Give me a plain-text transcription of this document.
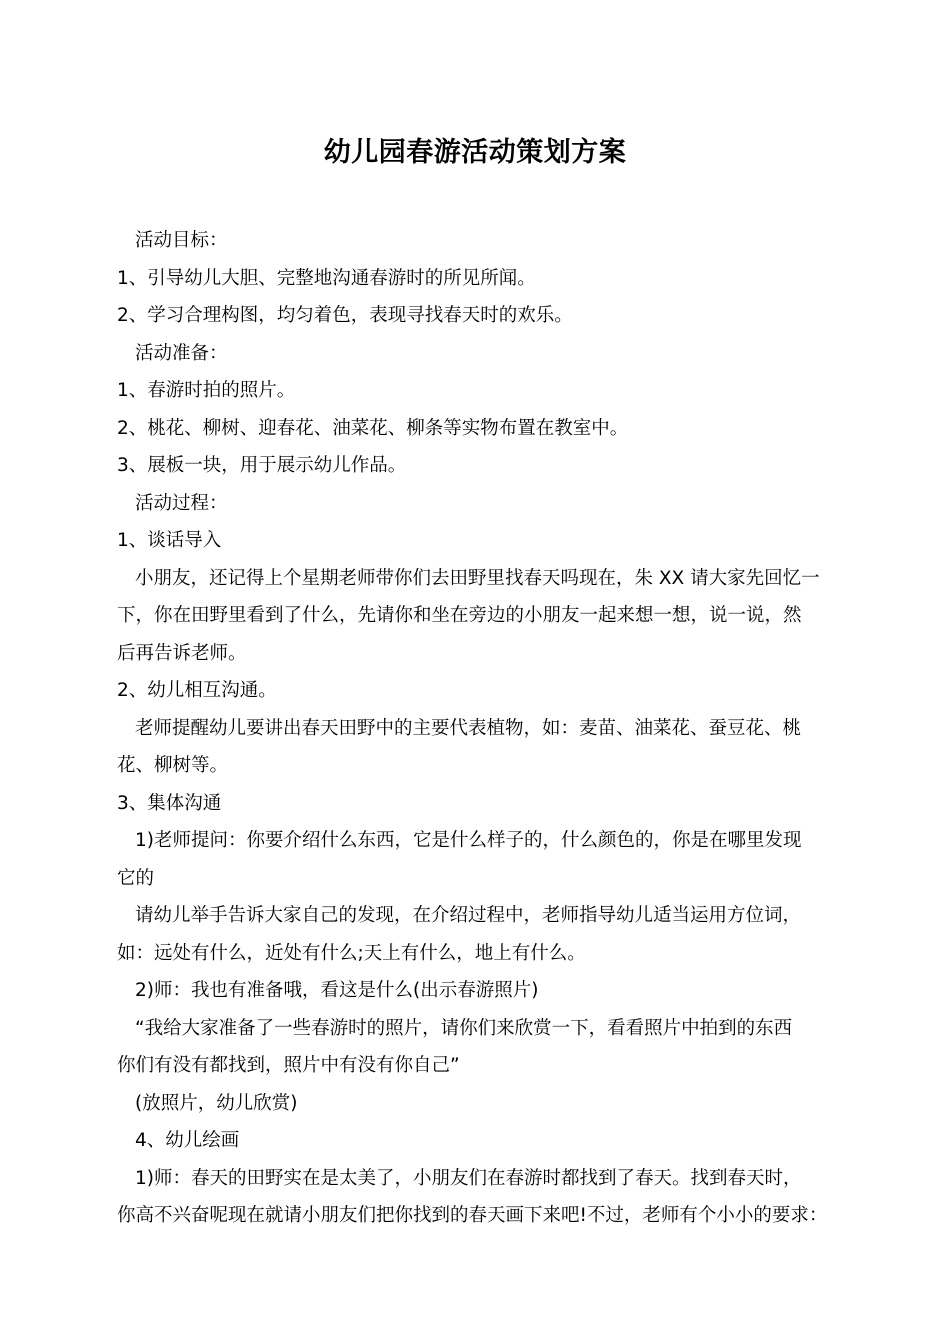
幼儿园春游活动策划方案
活动目标：
1、引导幼儿大胆、完整地沟通春游时的所见所闻。
2、学习合理构图，均匀着色，表现寻找春天时的欢乐。
活动准备：
1、春游时拍的照片。
2、桃花、柳树、迎春花、油菜花、柳条等实物布置在教室中。
3、展板一块，用于展示幼儿作品。
活动过程：
1、谈话导入
小朋友，还记得上个星期老师带你们去田野里找春天吗现在，朱 XX 请大家先回忆一
下，你在田野里看到了什么，先请你和坐在旁边的小朋友一起来想一想，说一说，然
后再告诉老师。
2、幼儿相互沟通。
老师提醒幼儿要讲出春天田野中的主要代表植物，如：麦苗、油菜花、蚕豆花、桃
花、柳树等。
3、集体沟通
1)老师提问：你要介绍什么东西，它是什么样子的，什么颜色的，你是在哪里发现
它的
请幼儿举手告诉大家自己的发现，在介绍过程中，老师指导幼儿适当运用方位词，
如：远处有什么，近处有什么;天上有什么，地上有什么。
2)师：我也有准备哦，看这是什么(出示春游照片)
“我给大家准备了一些春游时的照片，请你们来欣赏一下，看看照片中拍到的东西
你们有没有都找到，照片中有没有你自己”
(放照片，幼儿欣赏)
4、幼儿绘画
1)师：春天的田野实在是太美了，小朋友们在春游时都找到了春天。找到春天时，
你高不兴奋呢现在就请小朋友们把你找到的春天画下来吧!不过，老师有个小小的要求：
